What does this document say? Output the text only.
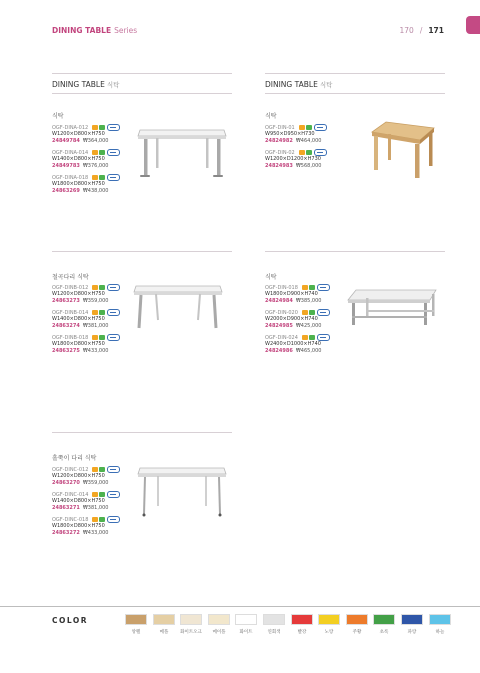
DINING TABLE Series	170 / 171
DINING TABLE 식탁
식탁
OGF-DINA-012
W1200×D800×H750
24849784 ₩364,000
OGF-DINA-014
W1400×D800×H750
24849783 ₩376,000
OGF-DINA-018
W1800×D800×H750
24863269 ₩438,000
DINING TABLE 식탁
식탁
OGF-DIN-01
W950×D950×H730
24824982 ₩464,000
OGF-DIN-02
W1200×D1200×H730
24824983 ₩568,000
철곡다리 식탁
OGF-DINB-012
W1200×D800×H750
24863273 ₩359,000
OGF-DINB-014
W1400×D800×H750
24863274 ₩381,000
OGF-DINB-018
W1800×D800×H750
24863275 ₩433,000
식탁
OGF-DIN-018
W1800×D900×H740
24824984 ₩385,000
OGF-DIN-020
W2000×D900×H740
24824985 ₩425,000
OGF-DIN-024
W2400×D1000×H740
24824986 ₩465,000
흘쭉이 다리 식탁
OGF-DINC-012
W1200×D800×H750
24863270 ₩359,000
OGF-DINC-014
W1400×D800×H750
24863271 ₩381,000
OGF-DINC-018
W1800×D800×H750
24863272 ₩433,000
COLOR
앙펠	메플	화이트오크	메이플	화이트	연회색	빨강	노랑	주황	초록	파랑	하늘
